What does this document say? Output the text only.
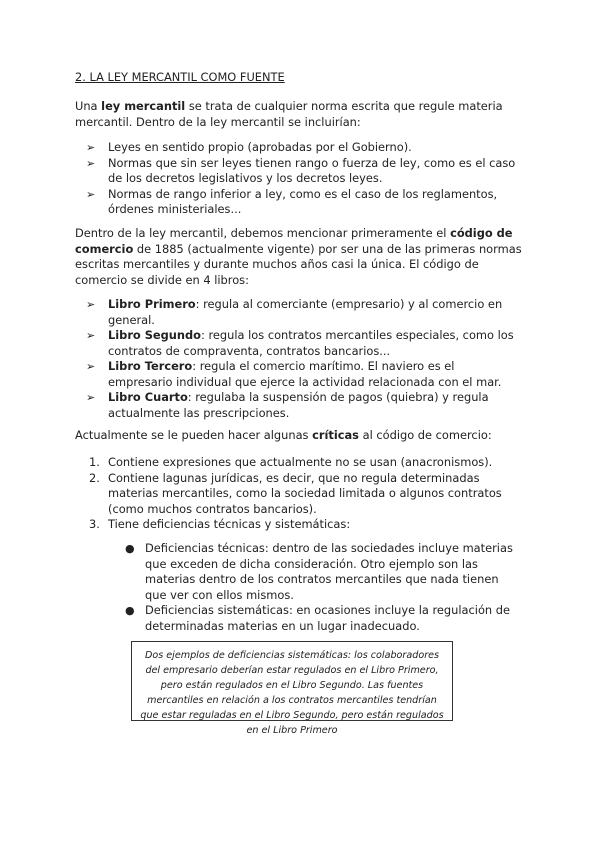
2. LA LEY MERCANTIL COMO FUENTE
Una ley mercantil se trata de cualquier norma escrita que regule materia mercantil. Dentro de la ley mercantil se incluirían:
➢ Leyes en sentido propio (aprobadas por el Gobierno).
➢ Normas que sin ser leyes tienen rango o fuerza de ley, como es el caso de los decretos legislativos y los decretos leyes.
➢ Normas de rango inferior a ley, como es el caso de los reglamentos, órdenes ministeriales...
Dentro de la ley mercantil, debemos mencionar primeramente el código de comercio de 1885 (actualmente vigente) por ser una de las primeras normas escritas mercantiles y durante muchos años casi la única. El código de comercio se divide en 4 libros:
➢ Libro Primero: regula al comerciante (empresario) y al comercio en general.
➢ Libro Segundo: regula los contratos mercantiles especiales, como los contratos de compraventa, contratos bancarios...
➢ Libro Tercero: regula el comercio marítimo. El naviero es el empresario individual que ejerce la actividad relacionada con el mar.
➢ Libro Cuarto: regulaba la suspensión de pagos (quiebra) y regula actualmente las prescripciones.
Actualmente se le pueden hacer algunas críticas al código de comercio:
1. Contiene expresiones que actualmente no se usan (anacronismos).
2. Contiene lagunas jurídicas, es decir, que no regula determinadas materias mercantiles, como la sociedad limitada o algunos contratos (como muchos contratos bancarios).
3. Tiene deficiencias técnicas y sistemáticas:
● Deficiencias técnicas: dentro de las sociedades incluye materias que exceden de dicha consideración. Otro ejemplo son las materias dentro de los contratos mercantiles que nada tienen que ver con ellos mismos.
● Deficiencias sistemáticas: en ocasiones incluye la regulación de determinadas materias en un lugar inadecuado.
Dos ejemplos de deficiencias sistemáticas: los colaboradores del empresario deberían estar regulados en el Libro Primero, pero están regulados en el Libro Segundo. Las fuentes mercantiles en relación a los contratos mercantiles tendrían que estar reguladas en el Libro Segundo, pero están regulados en el Libro Primero
